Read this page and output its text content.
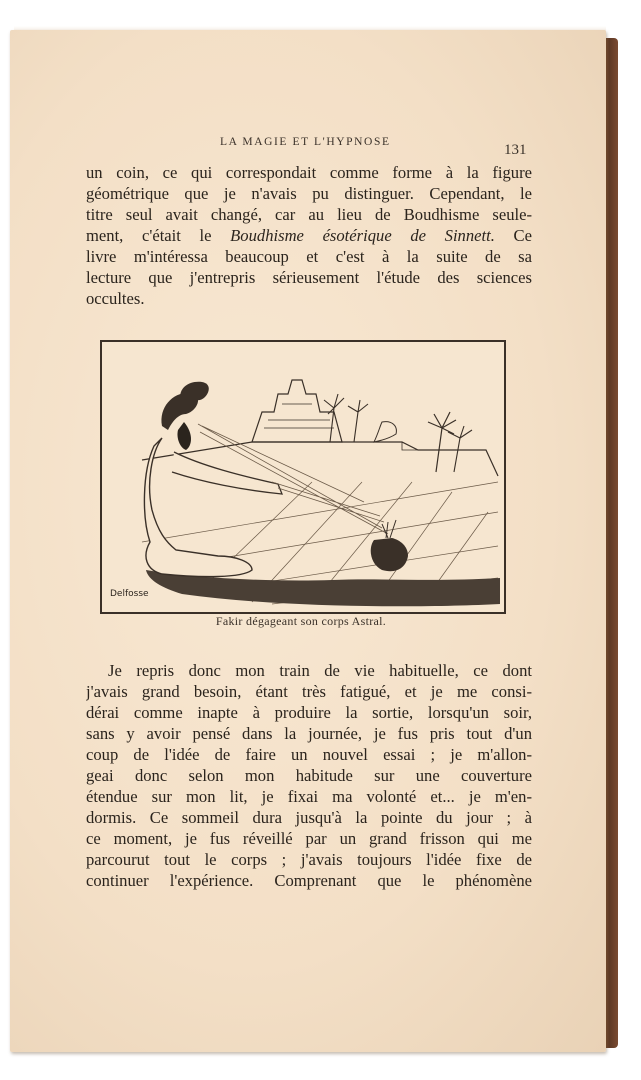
LA MAGIE ET L'HYPNOSE	131
un coin, ce qui correspondait comme forme à la figure
géométrique que je n'avais pu distinguer. Cependant, le
titre seul avait changé, car au lieu de Boudhisme seule-
ment, c'était le Boudhisme ésotérique de Sinnett. Ce
livre m'intéressa beaucoup et c'est à la suite de sa
lecture que j'entrepris sérieusement l'étude des sciences
occultes.
Delfosse
Fakir dégageant son corps Astral.
Je repris donc mon train de vie habituelle, ce dont
j'avais grand besoin, étant très fatigué, et je me consi-
dérai comme inapte à produire la sortie, lorsqu'un soir,
sans y avoir pensé dans la journée, je fus pris tout d'un
coup de l'idée de faire un nouvel essai ; je m'allon-
geai donc selon mon habitude sur une couverture
étendue sur mon lit, je fixai ma volonté et... je m'en-
dormis. Ce sommeil dura jusqu'à la pointe du jour ; à
ce moment, je fus réveillé par un grand frisson qui me
parcourut tout le corps ; j'avais toujours l'idée fixe de
continuer l'expérience. Comprenant que le phénomène
